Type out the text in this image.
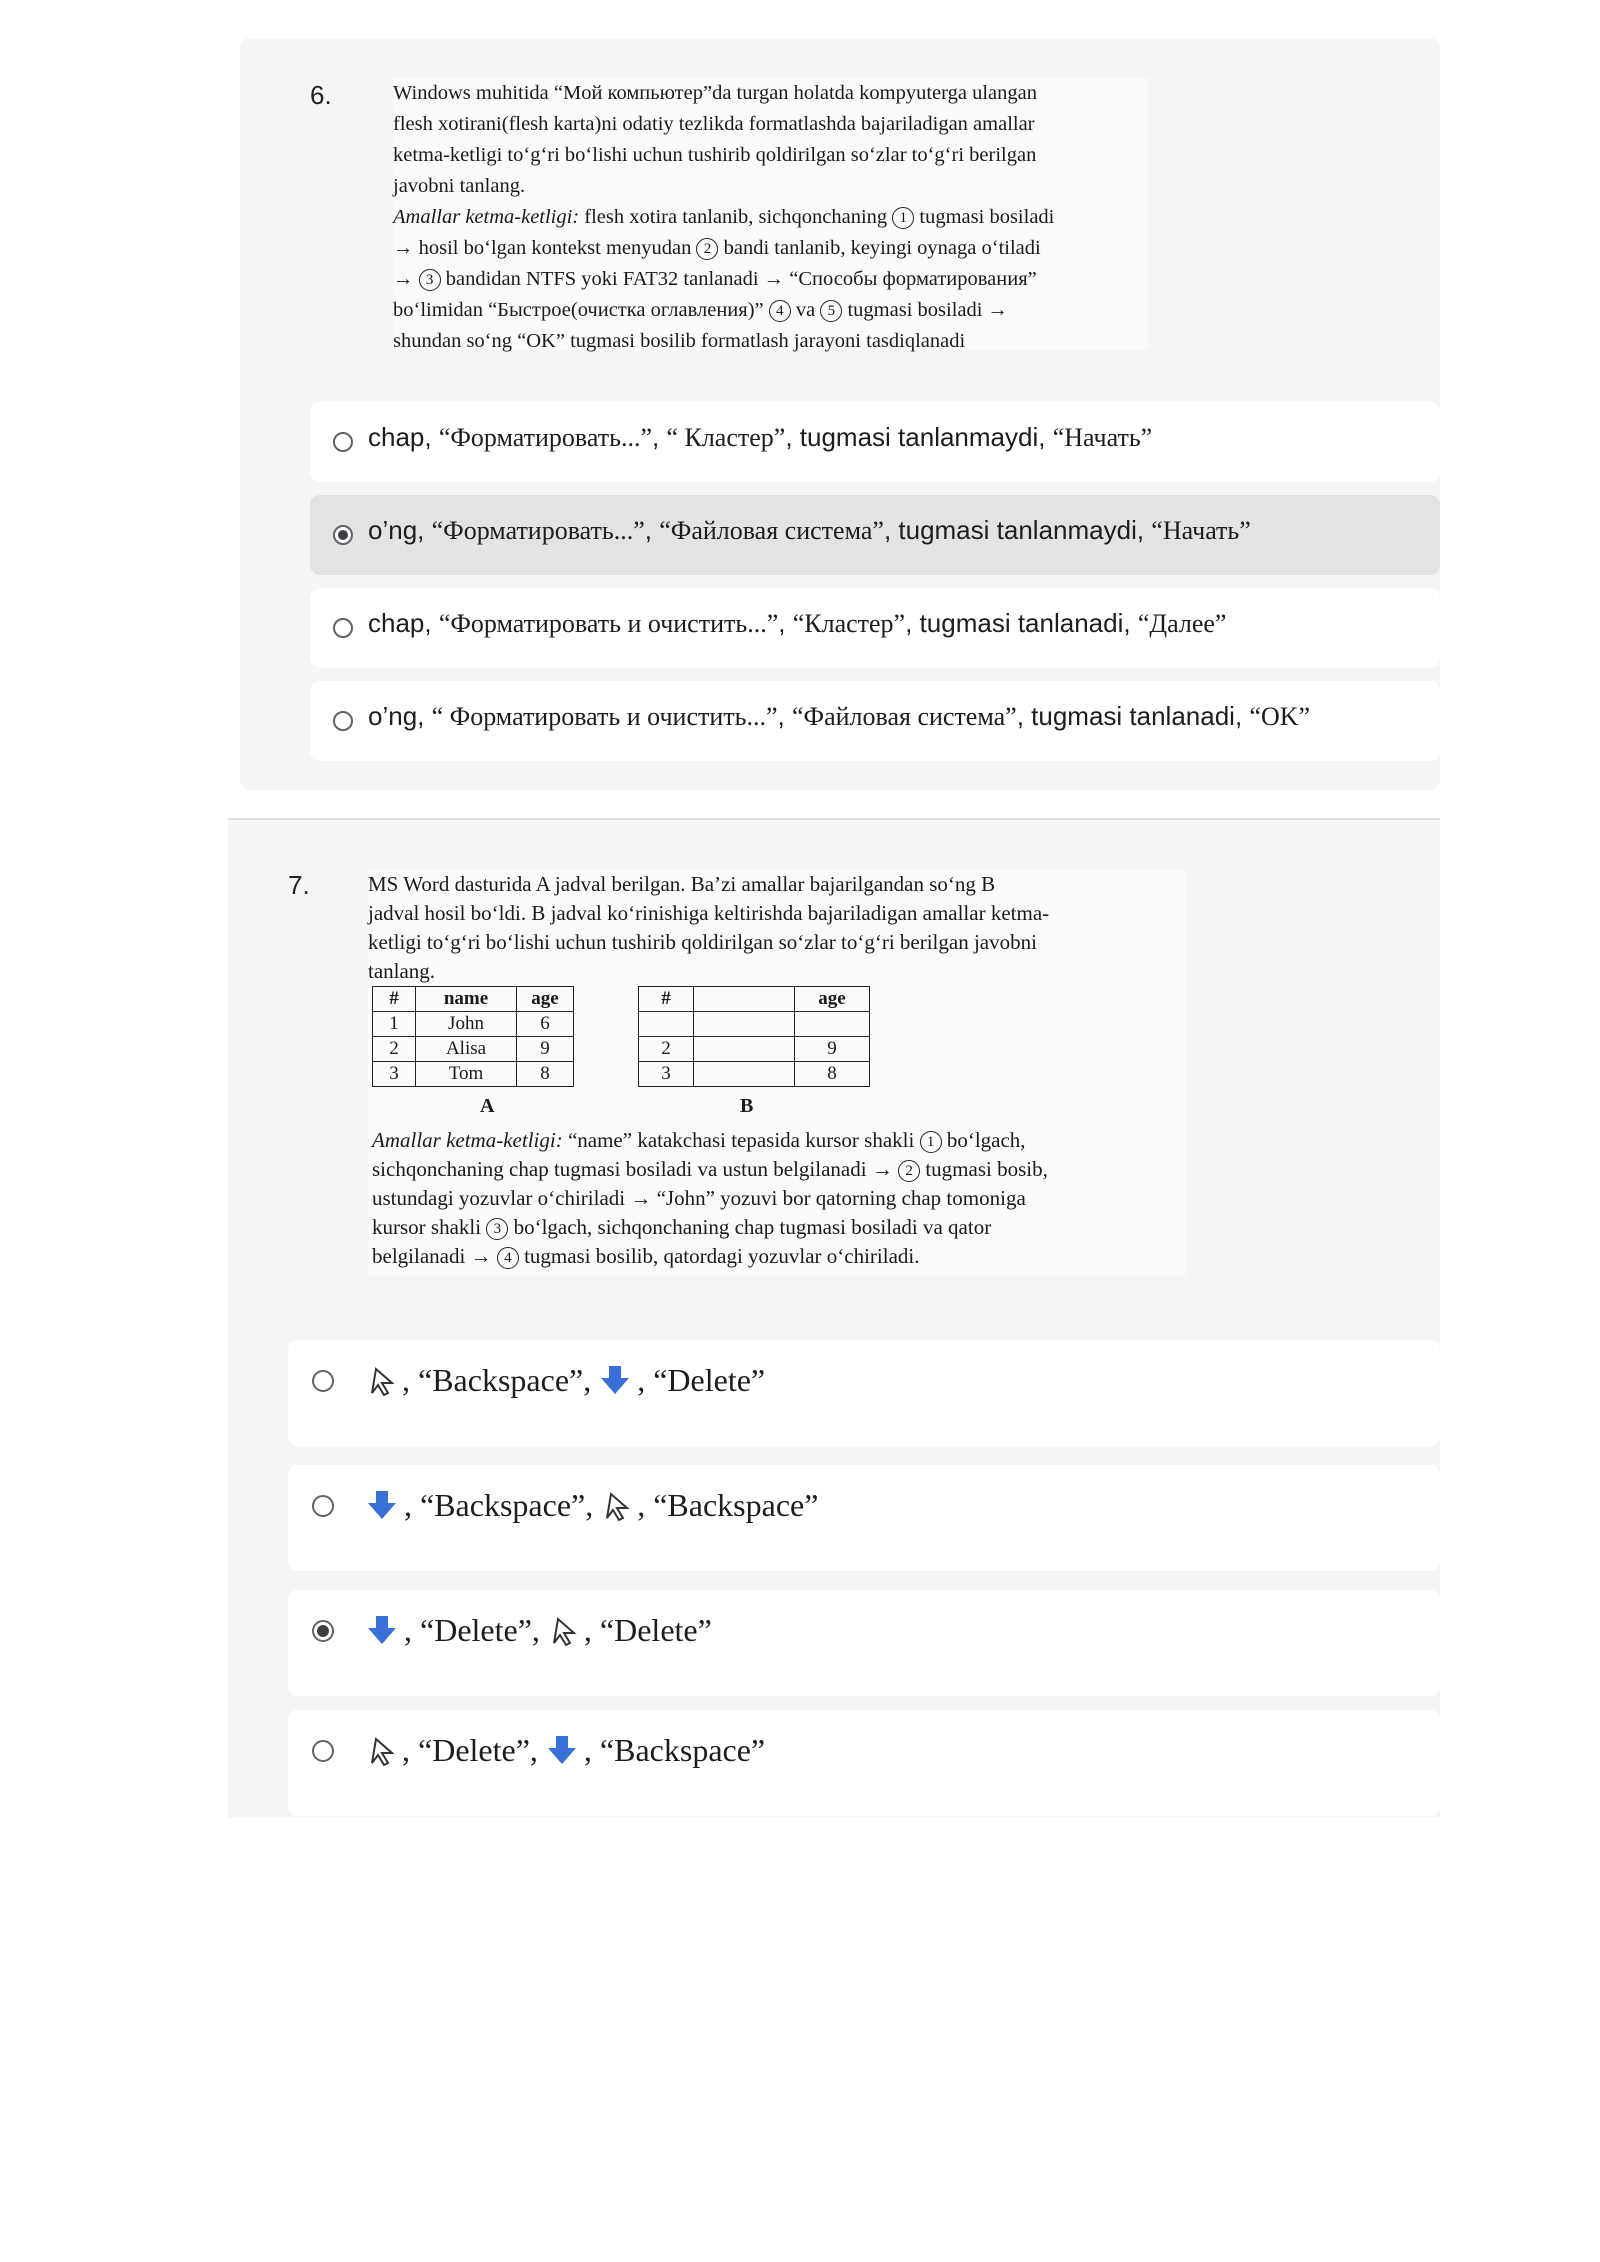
6.	Windows muhitida “Moй компьютер”da turgan holatda kompyuterga ulangan

flesh xotirani(flesh karta)ni odatiy tezlikda formatlashda bajariladigan amallar

ketma-ketligi to‘g‘ri bo‘lishi uchun tushirib qoldirilgan so‘zlar to‘g‘ri berilgan

javobni tanlang.

Amallar ketma-ketligi: flesh xotira tanlanib, sichqonchaning 1 tugmasi bosiladi

→ hosil bo‘lgan kontekst menyudan 2 bandi tanlanib, keyingi oynaga o‘tiladi

→ 3 bandidan NTFS yoki FAT32 tanlanadi → “Способы форматирования”

bo‘limidan “Быстрое(очистка оглавления)” 4 va 5 tugmasi bosiladi →

shundan so‘ng “OK” tugmasi bosilib formatlash jarayoni tasdiqlanadi

chap, “Форматировать...”, “ Кластер”, tugmasi tanlanmaydi, “Начать”
o’ng, “Форматировать...”, “Файловая система”, tugmasi tanlanmaydi, “Начать”
chap, “Форматировать и очистить...”, “Кластер”, tugmasi tanlanadi, “Далее”
o’ng, “ Форматировать и очистить...”, “Файловая система”, tugmasi tanlanadi, “OK”
7.	MS Word dasturida A jadval berilgan. Ba’zi amallar bajarilgandan so‘ng B

jadval hosil bo‘ldi. B jadval ko‘rinishiga keltirishda bajariladigan amallar ketma-

ketligi to‘g‘ri bo‘lishi uchun tushirib qoldirilgan so‘zlar to‘g‘ri berilgan javobni

tanlang.

#	name	age
1	John	6
2	Alisa	9
3	Tom	8
A
#		age

2		9
3		8
B

Amallar ketma-ketligi: “name” katakchasi tepasida kursor shakli 1 bo‘lgach,

sichqonchaning chap tugmasi bosiladi va ustun belgilanadi → 2 tugmasi bosib,

ustundagi yozuvlar o‘chiriladi → “John” yozuvi bor qatorning chap tomoniga

kursor shakli 3 bo‘lgach, sichqonchaning chap tugmasi bosiladi va qator

belgilanadi → 4 tugmasi bosilib, qatordagi yozuvlar o‘chiriladi.

, “Backspace”, , “Delete”
, “Backspace”, , “Backspace”
, “Delete”, , “Delete”
, “Delete”, , “Backspace”
